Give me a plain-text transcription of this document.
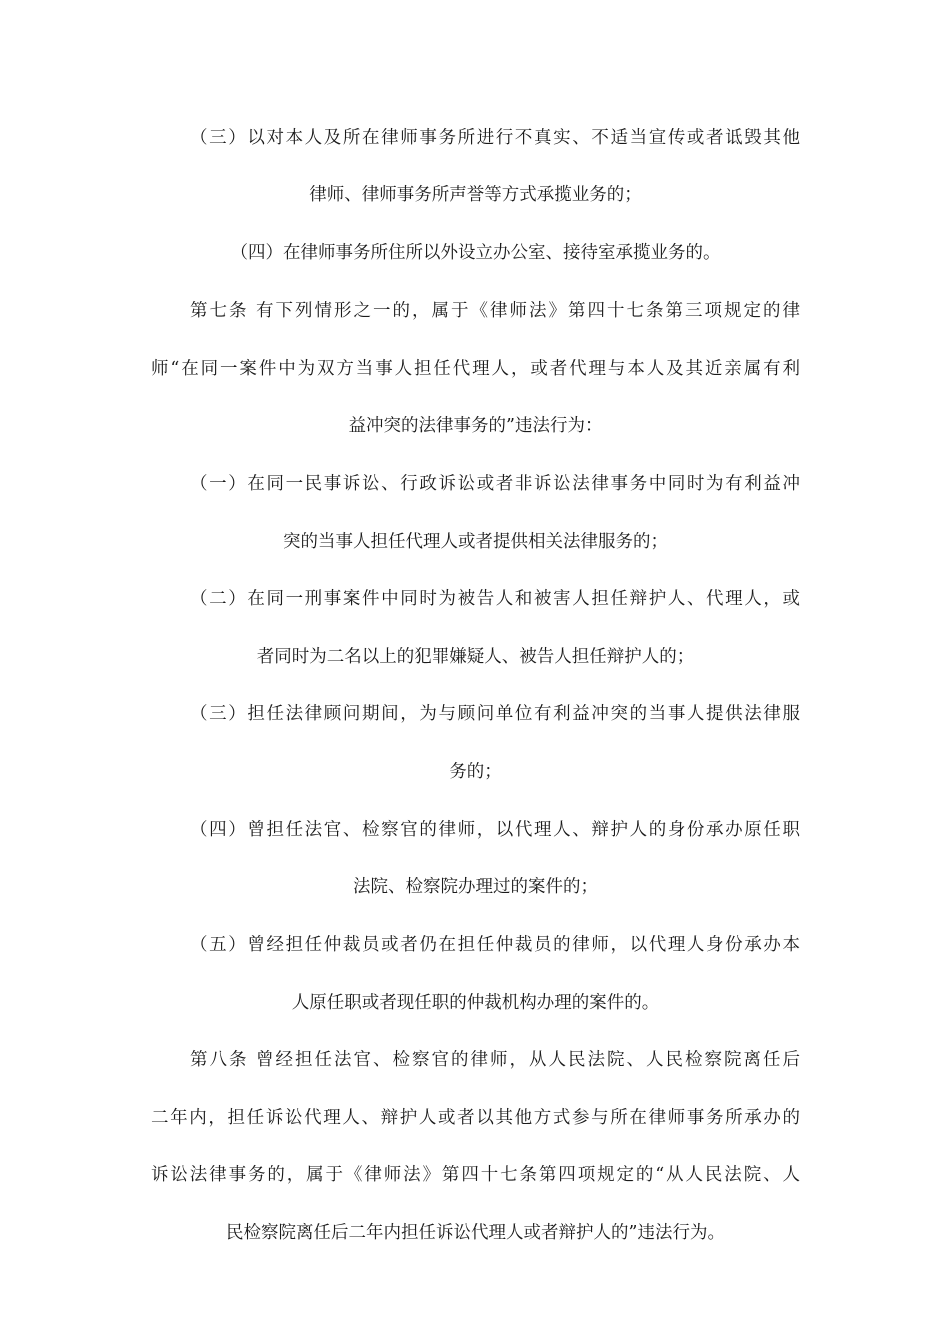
（三）以对本人及所在律师事务所进行不真实、不适当宣传或者诋毁其他
律师、律师事务所声誉等方式承揽业务的；
（四）在律师事务所住所以外设立办公室、接待室承揽业务的。
第七条 有下列情形之一的，属于《律师法》第四十七条第三项规定的律
师“在同一案件中为双方当事人担任代理人，或者代理与本人及其近亲属有利
益冲突的法律事务的”违法行为：
（一）在同一民事诉讼、行政诉讼或者非诉讼法律事务中同时为有利益冲
突的当事人担任代理人或者提供相关法律服务的；
（二）在同一刑事案件中同时为被告人和被害人担任辩护人、代理人，或
者同时为二名以上的犯罪嫌疑人、被告人担任辩护人的；
（三）担任法律顾问期间，为与顾问单位有利益冲突的当事人提供法律服
务的；
（四）曾担任法官、检察官的律师，以代理人、辩护人的身份承办原任职
法院、检察院办理过的案件的；
（五）曾经担任仲裁员或者仍在担任仲裁员的律师，以代理人身份承办本
人原任职或者现任职的仲裁机构办理的案件的。
第八条 曾经担任法官、检察官的律师，从人民法院、人民检察院离任后
二年内，担任诉讼代理人、辩护人或者以其他方式参与所在律师事务所承办的
诉讼法律事务的，属于《律师法》第四十七条第四项规定的“从人民法院、人
民检察院离任后二年内担任诉讼代理人或者辩护人的”违法行为。
